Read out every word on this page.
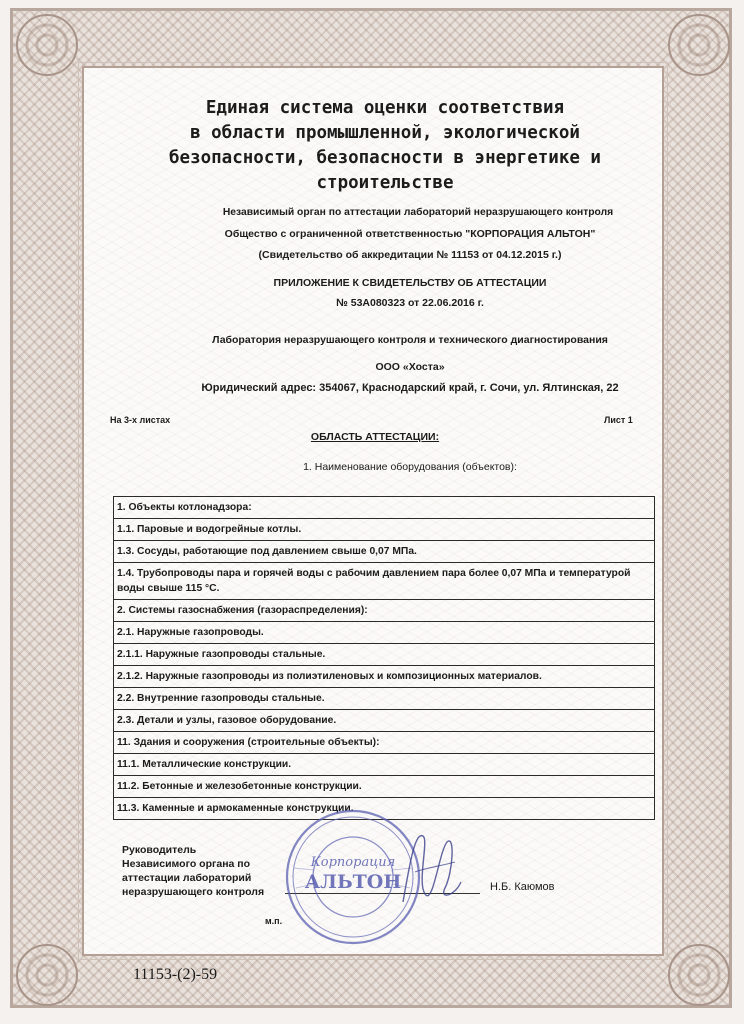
Единая система оценки соответствия
в области промышленной, экологической
безопасности, безопасности в энергетике и
строительстве
Независимый орган по аттестации лабораторий неразрушающего контроля
Общество с ограниченной ответственностью "КОРПОРАЦИЯ АЛЬТОН"
(Свидетельство об аккредитации № 11153 от 04.12.2015 г.)
ПРИЛОЖЕНИЕ К СВИДЕТЕЛЬСТВУ ОБ АТТЕСТАЦИИ
№ 53А080323 от 22.06.2016 г.
Лаборатория неразрушающего контроля и технического диагностирования
ООО «Хоста»
Юридический адрес: 354067, Краснодарский край, г. Сочи, ул. Ялтинская, 22
На 3-х листах	Лист 1
ОБЛАСТЬ АТТЕСТАЦИИ:
1. Наименование оборудования (объектов):
1. Объекты котлонадзора:
1.1. Паровые и водогрейные котлы.
1.3. Сосуды, работающие под давлением свыше 0,07 МПа.
1.4. Трубопроводы пара и горячей воды с рабочим давлением пара более 0,07 МПа и температурой воды свыше 115 °С.
2. Системы газоснабжения (газораспределения):
2.1. Наружные газопроводы.
2.1.1. Наружные газопроводы стальные.
2.1.2. Наружные газопроводы из полиэтиленовых и композиционных материалов.
2.2. Внутренние газопроводы стальные.
2.3. Детали и узлы, газовое оборудование.
11. Здания и сооружения (строительные объекты):
11.1. Металлические конструкции.
11.2. Бетонные и железобетонные конструкции.
11.3. Каменные и армокаменные конструкции.
Руководитель
Независимого органа по
аттестации лабораторий
неразрушающего контроля	Н.Б. Каюмов
м.п.
Корпорация
АЛЬТОН
11153-(2)-59
